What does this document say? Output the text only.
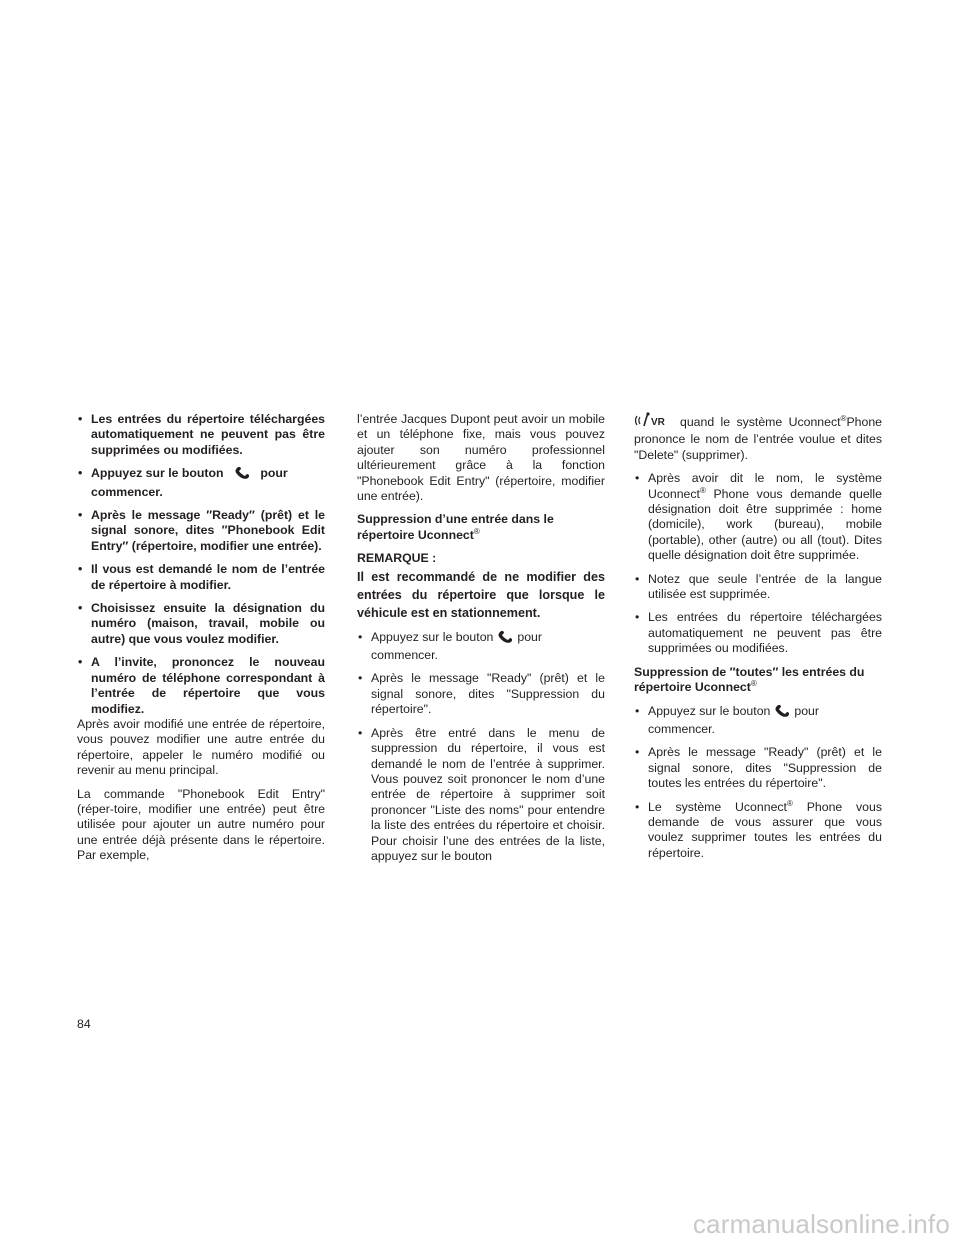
• Les entrées du répertoire téléchargées automatiquement ne peuvent pas être supprimées ou modifiées.
• Appuyez sur le bouton	pour commencer.
• Après le message ″Ready″ (prêt) et le signal sonore, dites ″Phonebook Edit Entry″ (répertoire, modifier une entrée).
• Il vous est demandé le nom de l’entrée de répertoire à modifier.
• Choisissez ensuite la désignation du numéro (maison, travail, mobile ou autre) que vous voulez modifier.
• A l’invite, prononcez le nouveau numéro de téléphone correspondant à l’entrée de répertoire que vous modifiez.

Après avoir modifié une entrée de répertoire, vous pouvez modifier une autre entrée du répertoire, appeler le numéro modifié ou revenir au menu principal.

La commande "Phonebook Edit Entry" (réper-toire, modifier une entrée) peut être utilisée pour ajouter un autre numéro pour une entrée déjà présente dans le répertoire. Par exemple,

l’entrée Jacques Dupont peut avoir un mobile et un téléphone fixe, mais vous pouvez ajouter son numéro professionnel ultérieurement grâce à la fonction "Phonebook Edit Entry" (répertoire, modifier une entrée).

Suppression d’une entrée dans le répertoire Uconnect®
REMARQUE :
Il est recommandé de ne modifier des entrées du répertoire que lorsque le véhicule est en stationnement.
• Appuyez sur le bouton pour commencer.
• Après le message "Ready" (prêt) et le signal sonore, dites "Suppression du répertoire".
• Après être entré dans le menu de suppression du répertoire, il vous est demandé le nom de l’entrée à supprimer. Vous pouvez soit prononcer le nom d’une entrée de répertoire à supprimer soit prononcer "Liste des noms" pour entendre la liste des entrées du répertoire et choisir. Pour choisir l’une des entrées de la liste, appuyez sur le bouton

VR quand le système Uconnect®Phone prononce le nom de l’entrée voulue et dites "Delete" (supprimer).

• Après avoir dit le nom, le système Uconnect® Phone vous demande quelle désignation doit être supprimée : home (domicile), work (bureau), mobile (portable), other (autre) ou all (tout). Dites quelle désignation doit être supprimée.
• Notez que seule l’entrée de la langue utilisée est supprimée.
• Les entrées du répertoire téléchargées automatiquement ne peuvent pas être supprimées ou modifiées.
Suppression de ″toutes″ les entrées du répertoire Uconnect®
• Appuyez sur le bouton pour commencer.
• Après le message "Ready" (prêt) et le signal sonore, dites "Suppression de toutes les entrées du répertoire".
• Le système Uconnect® Phone vous demande de vous assurer que vous voulez supprimer toutes les entrées du répertoire.
84
carmanualsonline.info
